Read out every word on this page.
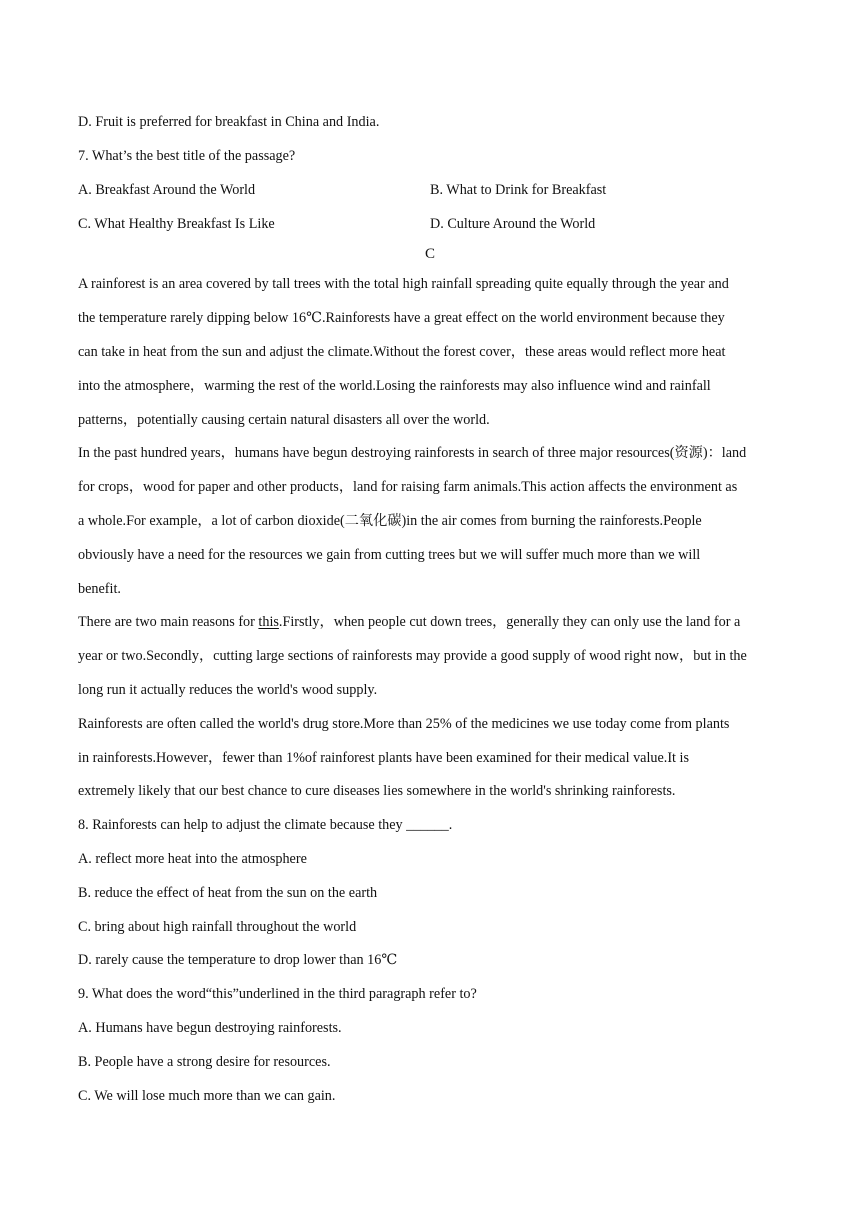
D. Fruit is preferred for breakfast in China and India.
7. What’s the best title of the passage?
A. Breakfast Around the World	B. What to Drink for Breakfast
C. What Healthy Breakfast Is Like	D. Culture Around the World
C
A rainforest is an area covered by tall trees with the total high rainfall spreading quite equally through the year and
the temperature rarely dipping below 16℃.Rainforests have a great effect on the world environment because they
can take in heat from the sun and adjust the climate.Without the forest cover，these areas would reflect more heat
into the atmosphere，warming the rest of the world.Losing the rainforests may also influence wind and rainfall
patterns，potentially causing certain natural disasters all over the world.
In the past hundred years，humans have begun destroying rainforests in search of three major resources(资源)：land
for crops，wood for paper and other products，land for raising farm animals.This action affects the environment as
a whole.For example，a lot of carbon dioxide(二氧化碳)in the air comes from burning the rainforests.People
obviously have a need for the resources we gain from cutting trees but we will suffer much more than we will
benefit.
There are two main reasons for this.Firstly，when people cut down trees，generally they can only use the land for a
year or two.Secondly，cutting large sections of rainforests may provide a good supply of wood right now，but in the
long run it actually reduces the world's wood supply.
Rainforests are often called the world's drug store.More than 25% of the medicines we use today come from plants
in rainforests.However，fewer than 1%of rainforest plants have been examined for their medical value.It is
extremely likely that our best chance to cure diseases lies somewhere in the world's shrinking rainforests.
8. Rainforests can help to adjust the climate because they ______.
A. reflect more heat into the atmosphere
B. reduce the effect of heat from the sun on the earth
C. bring about high rainfall throughout the world
D. rarely cause the temperature to drop lower than 16℃
9. What does the word“this”underlined in the third paragraph refer to?
A. Humans have begun destroying rainforests.
B. People have a strong desire for resources.
C. We will lose much more than we can gain.
